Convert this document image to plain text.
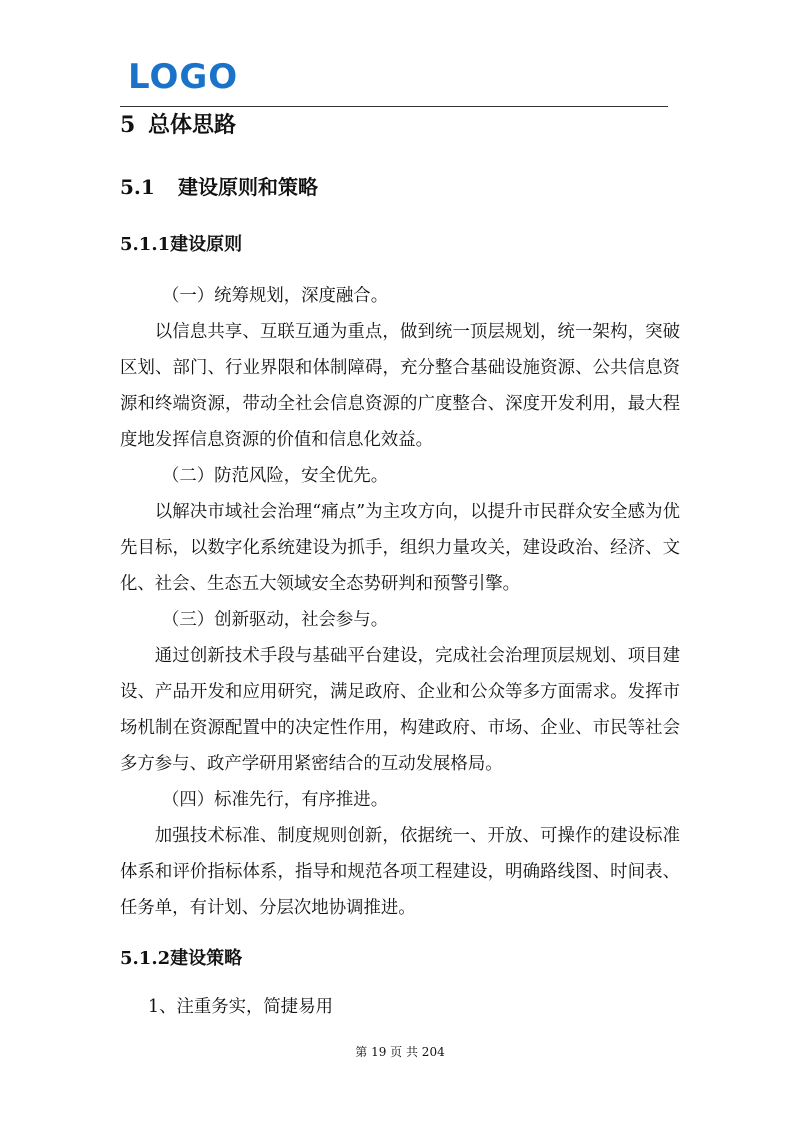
LOGO
5 总体思路
5.1 建设原则和策略
5.1.1建设原则

（一）统筹规划，深度融合。

以信息共享、互联互通为重点，做到统一顶层规划，统一架构，突破区划、部门、行业界限和体制障碍，充分整合基础设施资源、公共信息资源和终端资源，带动全社会信息资源的广度整合、深度开发利用，最大程度地发挥信息资源的价值和信息化效益。

（二）防范风险，安全优先。

以解决市域社会治理“痛点”为主攻方向，以提升市民群众安全感为优先目标，以数字化系统建设为抓手，组织力量攻关，建设政治、经济、文化、社会、生态五大领域安全态势研判和预警引擎。

（三）创新驱动，社会参与。

通过创新技术手段与基础平台建设，完成社会治理顶层规划、项目建设、产品开发和应用研究，满足政府、企业和公众等多方面需求。发挥市场机制在资源配置中的决定性作用，构建政府、市场、企业、市民等社会多方参与、政产学研用紧密结合的互动发展格局。

（四）标准先行，有序推进。

加强技术标准、制度规则创新，依据统一、开放、可操作的建设标准体系和评价指标体系，指导和规范各项工程建设，明确路线图、时间表、任务单，有计划、分层次地协调推进。

5.1.2建设策略
1、注重务实，简捷易用
第 19 页 共 204
